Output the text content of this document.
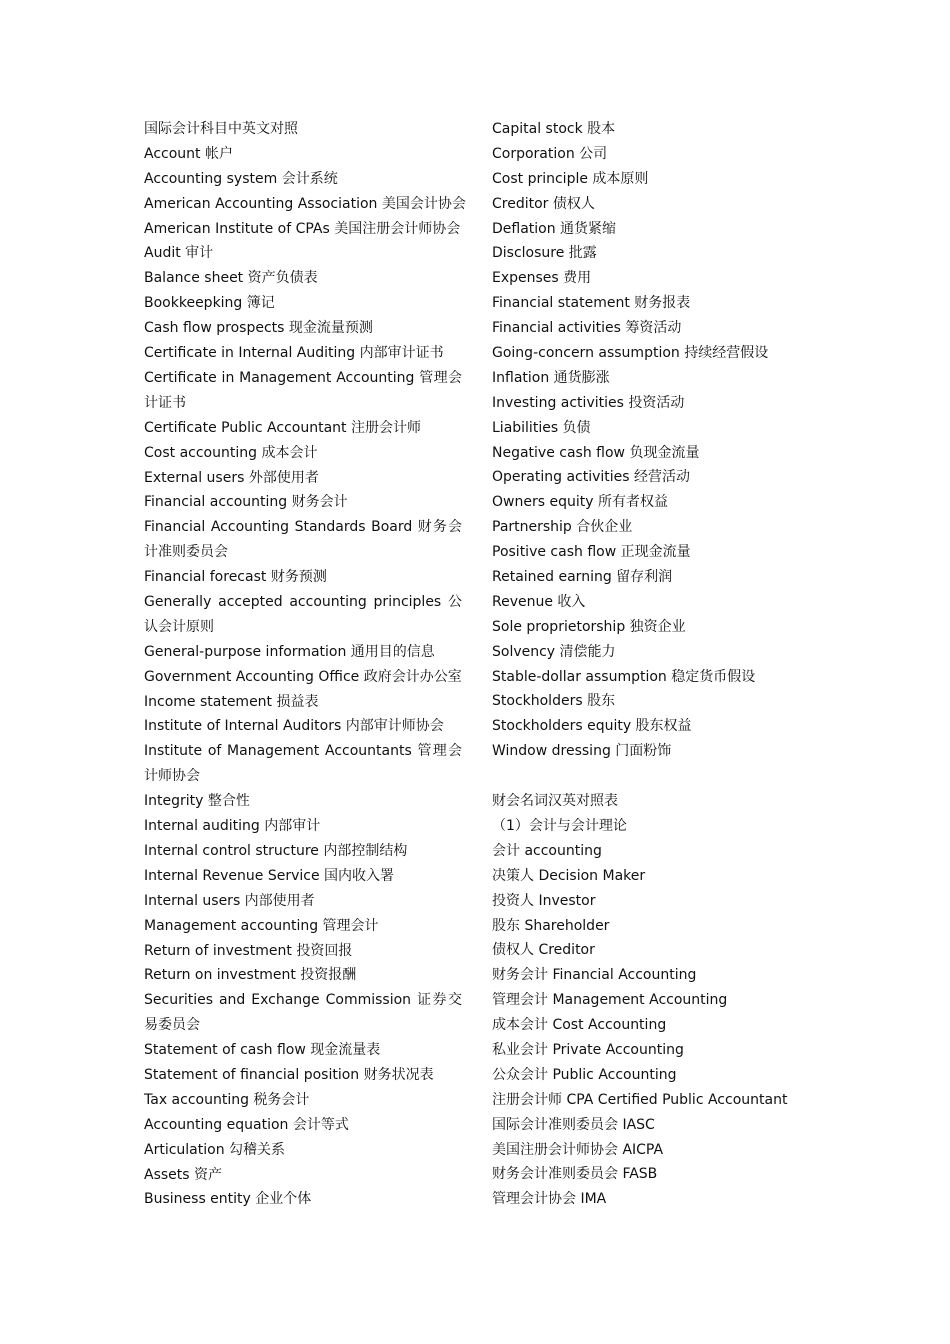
国际会计科目中英文对照
Account 帐户
Accounting system 会计系统
American Accounting Association 美国会计协会
American Institute of CPAs 美国注册会计师协会
Audit 审计
Balance sheet 资产负债表
Bookkeepking 簿记
Cash flow prospects 现金流量预测
Certificate in Internal Auditing 内部审计证书
Certificate in Management Accounting 管理会计证书
Certificate Public Accountant 注册会计师
Cost accounting 成本会计
External users 外部使用者
Financial accounting 财务会计
Financial Accounting Standards Board 财务会计准则委员会
Financial forecast 财务预测
Generally accepted accounting principles 公认会计原则
General-purpose information 通用目的信息
Government Accounting Office 政府会计办公室
Income statement 损益表
Institute of Internal Auditors 内部审计师协会
Institute of Management Accountants 管理会计师协会
Integrity 整合性
Internal auditing 内部审计
Internal control structure 内部控制结构
Internal Revenue Service 国内收入署
Internal users 内部使用者
Management accounting 管理会计
Return of investment 投资回报
Return on investment 投资报酬
Securities and Exchange Commission 证券交易委员会
Statement of cash flow 现金流量表
Statement of financial position 财务状况表
Tax accounting 税务会计
Accounting equation 会计等式
Articulation 勾稽关系
Assets 资产
Business entity 企业个体
Capital stock 股本
Corporation 公司
Cost principle 成本原则
Creditor 债权人
Deflation 通货紧缩
Disclosure 批露
Expenses 费用
Financial statement 财务报表
Financial activities 筹资活动
Going-concern assumption 持续经营假设
Inflation 通货膨涨
Investing activities 投资活动
Liabilities 负债
Negative cash flow 负现金流量
Operating activities 经营活动
Owners equity 所有者权益
Partnership 合伙企业
Positive cash flow 正现金流量
Retained earning 留存利润
Revenue 收入
Sole proprietorship 独资企业
Solvency 清偿能力
Stable-dollar assumption 稳定货币假设
Stockholders 股东
Stockholders equity 股东权益
Window dressing 门面粉饰
财会名词汉英对照表
（1）会计与会计理论
会计 accounting
决策人 Decision Maker
投资人 Investor
股东 Shareholder
债权人 Creditor
财务会计 Financial Accounting
管理会计 Management Accounting
成本会计 Cost Accounting
私业会计 Private Accounting
公众会计 Public Accounting
注册会计师 CPA Certified Public Accountant
国际会计准则委员会 IASC
美国注册会计师协会 AICPA
财务会计准则委员会 FASB
管理会计协会 IMA
